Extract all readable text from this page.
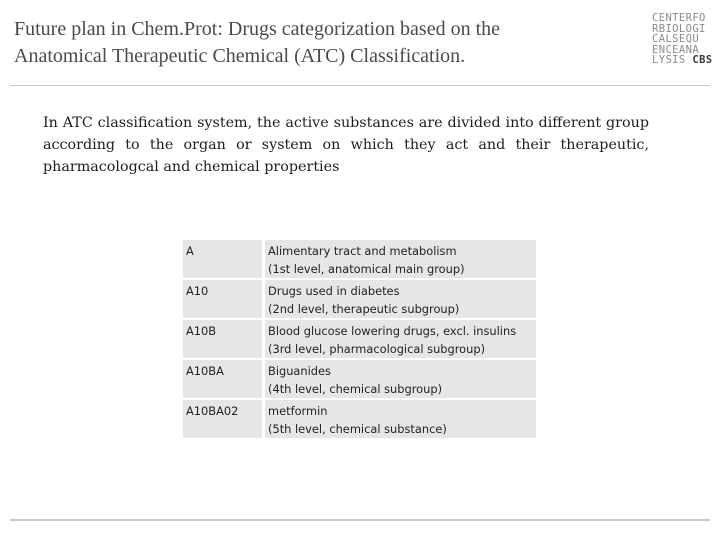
Future plan in Chem.Prot: Drugs categorization based on the
Anatomical Therapeutic Chemical (ATC) Classification.
CENTERFO
RBIOLOGI
CALSEQU
ENCEANA
LYSIS CBS

In ATC classification system, the active substances are divided into different group according to the organ or system on which they act and their therapeutic, pharmacologcal and chemical properties

A	Alimentary tract and metabolism
(1st level, anatomical main group)

A10	Drugs used in diabetes
(2nd level, therapeutic subgroup)

A10B	Blood glucose lowering drugs, excl. insulins
(3rd level, pharmacological subgroup)

A10BA	Biguanides
(4th level, chemical subgroup)

A10BA02	metformin
(5th level, chemical substance)
